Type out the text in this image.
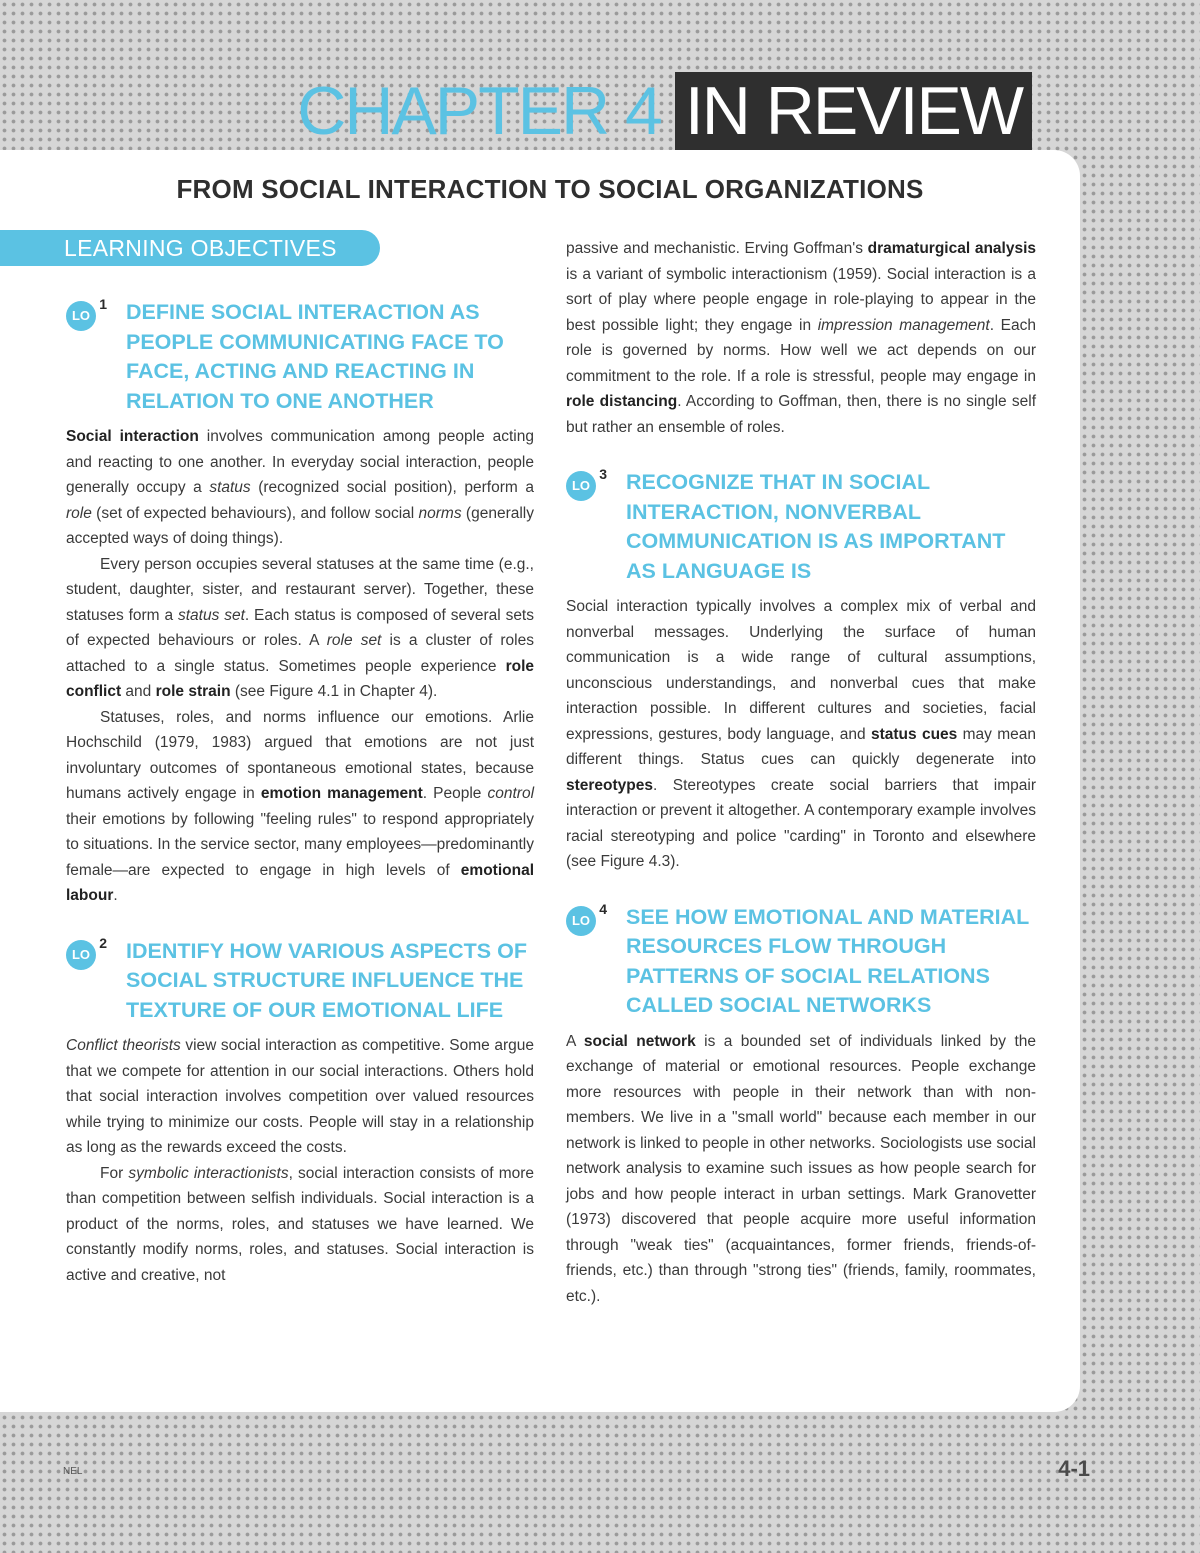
CHAPTER 4 IN REVIEW
FROM SOCIAL INTERACTION TO SOCIAL ORGANIZATIONS
LEARNING OBJECTIVES
LO
1 DEFINE SOCIAL INTERACTION AS PEOPLE COMMUNICATING FACE TO FACE, ACTING AND REACTING IN RELATION TO ONE ANOTHER

Social interaction involves communication among people acting and reacting to one another. In everyday social interaction, people generally occupy a status (recognized social position), perform a role (set of expected behaviours), and follow social norms (generally accepted ways of doing things).

Every person occupies several statuses at the same time (e.g., student, daughter, sister, and restaurant server). Together, these statuses form a status set. Each status is composed of several sets of expected behaviours or roles. A role set is a cluster of roles attached to a single status. Sometimes people experience role conflict and role strain (see Figure 4.1 in Chapter 4).

Statuses, roles, and norms influence our emotions. Arlie Hochschild (1979, 1983) argued that emotions are not just involuntary outcomes of spontaneous emotional states, because humans actively engage in emotion management. People control their emotions by following "feeling rules" to respond appropriately to situations. In the service sector, many employees—predominantly female—are expected to engage in high levels of emotional labour.

LO
2 IDENTIFY HOW VARIOUS ASPECTS OF SOCIAL STRUCTURE INFLUENCE THE TEXTURE OF OUR EMOTIONAL LIFE

Conflict theorists view social interaction as competitive. Some argue that we compete for attention in our social interactions. Others hold that social interaction involves competition over valued resources while trying to minimize our costs. People will stay in a relationship as long as the rewards exceed the costs.

For symbolic interactionists, social interaction consists of more than competition between selfish individuals. Social interaction is a product of the norms, roles, and statuses we have learned. We constantly modify norms, roles, and statuses. Social interaction is active and creative, not

passive and mechanistic. Erving Goffman's dramaturgical analysis is a variant of symbolic interactionism (1959). Social interaction is a sort of play where people engage in role-playing to appear in the best possible light; they engage in impression management. Each role is governed by norms. How well we act depends on our commitment to the role. If a role is stressful, people may engage in role distancing. According to Goffman, then, there is no single self but rather an ensemble of roles.

LO
3 RECOGNIZE THAT IN SOCIAL INTERACTION, NONVERBAL COMMUNICATION IS AS IMPORTANT AS LANGUAGE IS

Social interaction typically involves a complex mix of verbal and nonverbal messages. Underlying the surface of human communication is a wide range of cultural assumptions, unconscious understandings, and nonverbal cues that make interaction possible. In different cultures and societies, facial expressions, gestures, body language, and status cues may mean different things. Status cues can quickly degenerate into stereotypes. Stereotypes create social barriers that impair interaction or prevent it altogether. A contemporary example involves racial stereotyping and police "carding" in Toronto and elsewhere (see Figure 4.3).

LO
4 SEE HOW EMOTIONAL AND MATERIAL RESOURCES FLOW THROUGH PATTERNS OF SOCIAL RELATIONS CALLED SOCIAL NETWORKS

A social network is a bounded set of individuals linked by the exchange of material or emotional resources. People exchange more resources with people in their network than with non-members. We live in a "small world" because each member in our network is linked to people in other networks. Sociologists use social network analysis to examine such issues as how people search for jobs and how people interact in urban settings. Mark Granovetter (1973) discovered that people acquire more useful information through "weak ties" (acquaintances, former friends, friends-of-friends, etc.) than through "strong ties" (friends, family, roommates, etc.).

NEL	4-1
